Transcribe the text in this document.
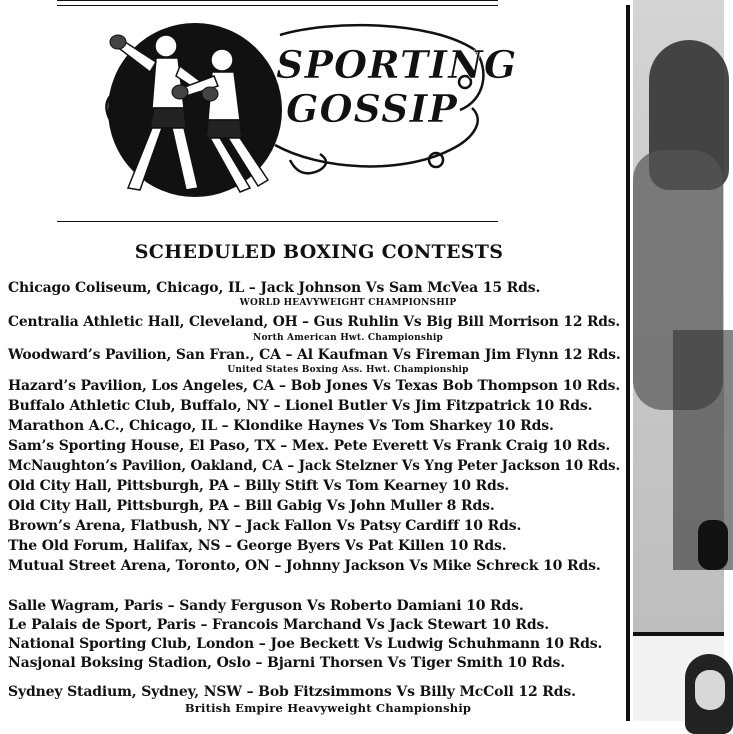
SPORTING
GOSSIP
SCHEDULED BOXING CONTESTS
Chicago Coliseum, Chicago, IL – Jack Johnson Vs Sam McVea 15 Rds.
WORLD HEAVYWEIGHT CHAMPIONSHIP
Centralia Athletic Hall, Cleveland, OH – Gus Ruhlin Vs Big Bill Morrison 12 Rds.
North American Hwt. Championship
Woodward’s Pavilion, San Fran., CA – Al Kaufman Vs Fireman Jim Flynn 12 Rds.
United States Boxing Ass. Hwt. Championship
Hazard’s Pavilion, Los Angeles, CA – Bob Jones Vs Texas Bob Thompson 10 Rds.
Buffalo Athletic Club, Buffalo, NY – Lionel Butler Vs Jim Fitzpatrick 10 Rds.
Marathon A.C., Chicago, IL – Klondike Haynes Vs Tom Sharkey 10 Rds.
Sam’s Sporting House, El Paso, TX – Mex. Pete Everett Vs Frank Craig 10 Rds.
McNaughton’s Pavilion, Oakland, CA – Jack Stelzner Vs Yng Peter Jackson 10 Rds.
Old City Hall, Pittsburgh, PA – Billy Stift Vs Tom Kearney 10 Rds.
Old City Hall, Pittsburgh, PA – Bill Gabig Vs John Muller 8 Rds.
Brown’s Arena, Flatbush, NY – Jack Fallon Vs Patsy Cardiff 10 Rds.
The Old Forum, Halifax, NS – George Byers Vs Pat Killen 10 Rds.
Mutual Street Arena, Toronto, ON – Johnny Jackson Vs Mike Schreck 10 Rds.
Salle Wagram, Paris – Sandy Ferguson Vs Roberto Damiani 10 Rds.
Le Palais de Sport, Paris – Francois Marchand Vs Jack Stewart 10 Rds.
National Sporting Club, London – Joe Beckett Vs Ludwig Schuhmann 10 Rds.
Nasjonal Boksing Stadion, Oslo – Bjarni Thorsen Vs Tiger Smith 10 Rds.
Sydney Stadium, Sydney, NSW – Bob Fitzsimmons Vs Billy McColl 12 Rds.
British Empire Heavyweight Championship
